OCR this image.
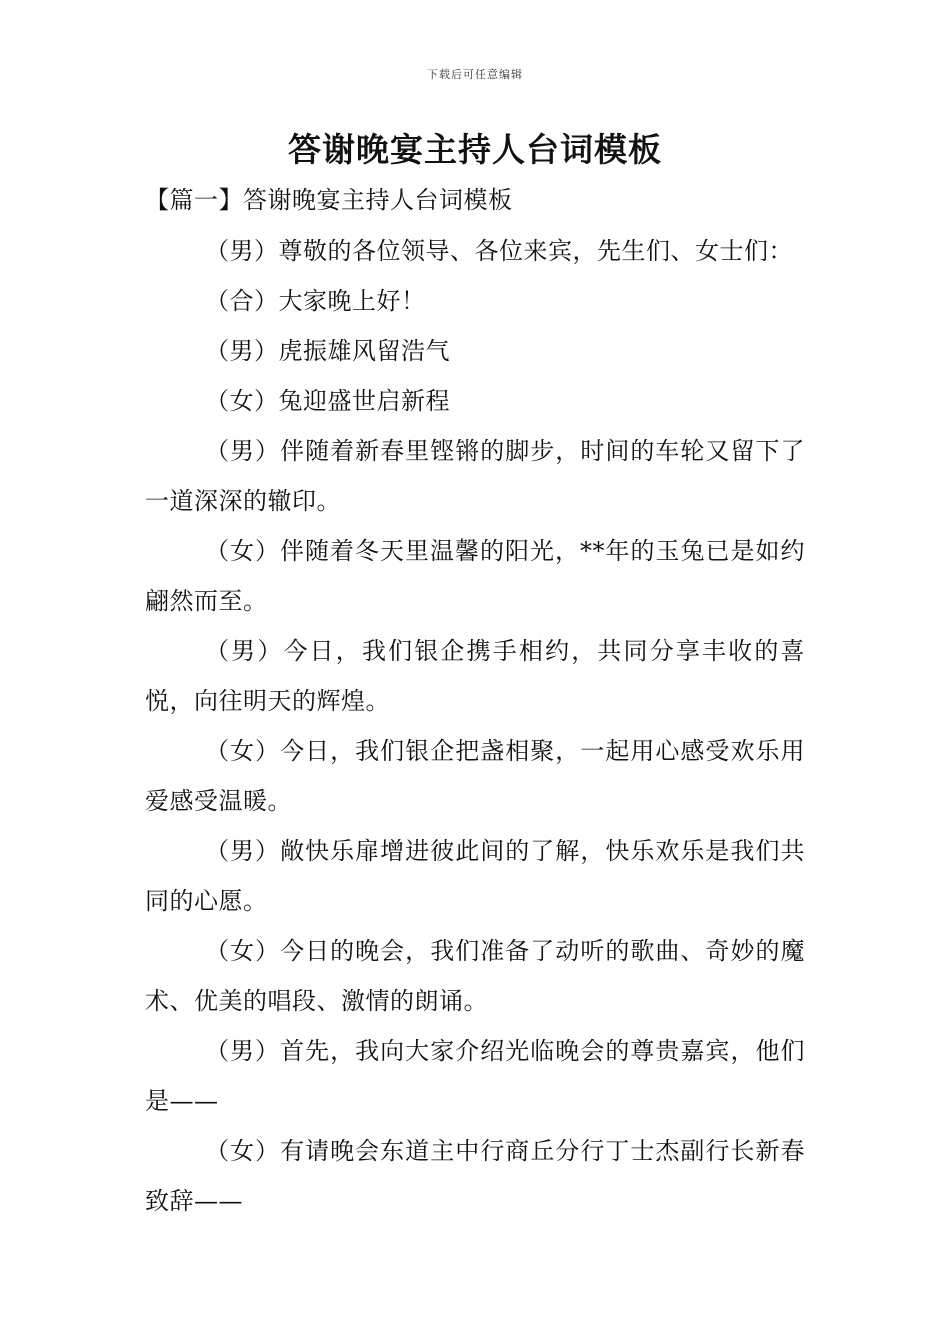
下载后可任意编辑
答谢晚宴主持人台词模板
【篇一】答谢晚宴主持人台词模板

（男）尊敬的各位领导、各位来宾，先生们、女士们：

（合）大家晚上好！

（男）虎振雄风留浩气

（女）兔迎盛世启新程

（男）伴随着新春里铿锵的脚步，时间的车轮又留下了一道深深的辙印。

（女）伴随着冬天里温馨的阳光，**年的玉兔已是如约翩然而至。

（男）今日，我们银企携手相约，共同分享丰收的喜悦，向往明天的辉煌。

（女）今日，我们银企把盏相聚，一起用心感受欢乐用爱感受温暖。

（男）敞快乐扉增进彼此间的了解，快乐欢乐是我们共同的心愿。

（女）今日的晚会，我们准备了动听的歌曲、奇妙的魔术、优美的唱段、激情的朗诵。

（男）首先，我向大家介绍光临晚会的尊贵嘉宾，他们是——

（女）有请晚会东道主中行商丘分行丁士杰副行长新春致辞——
